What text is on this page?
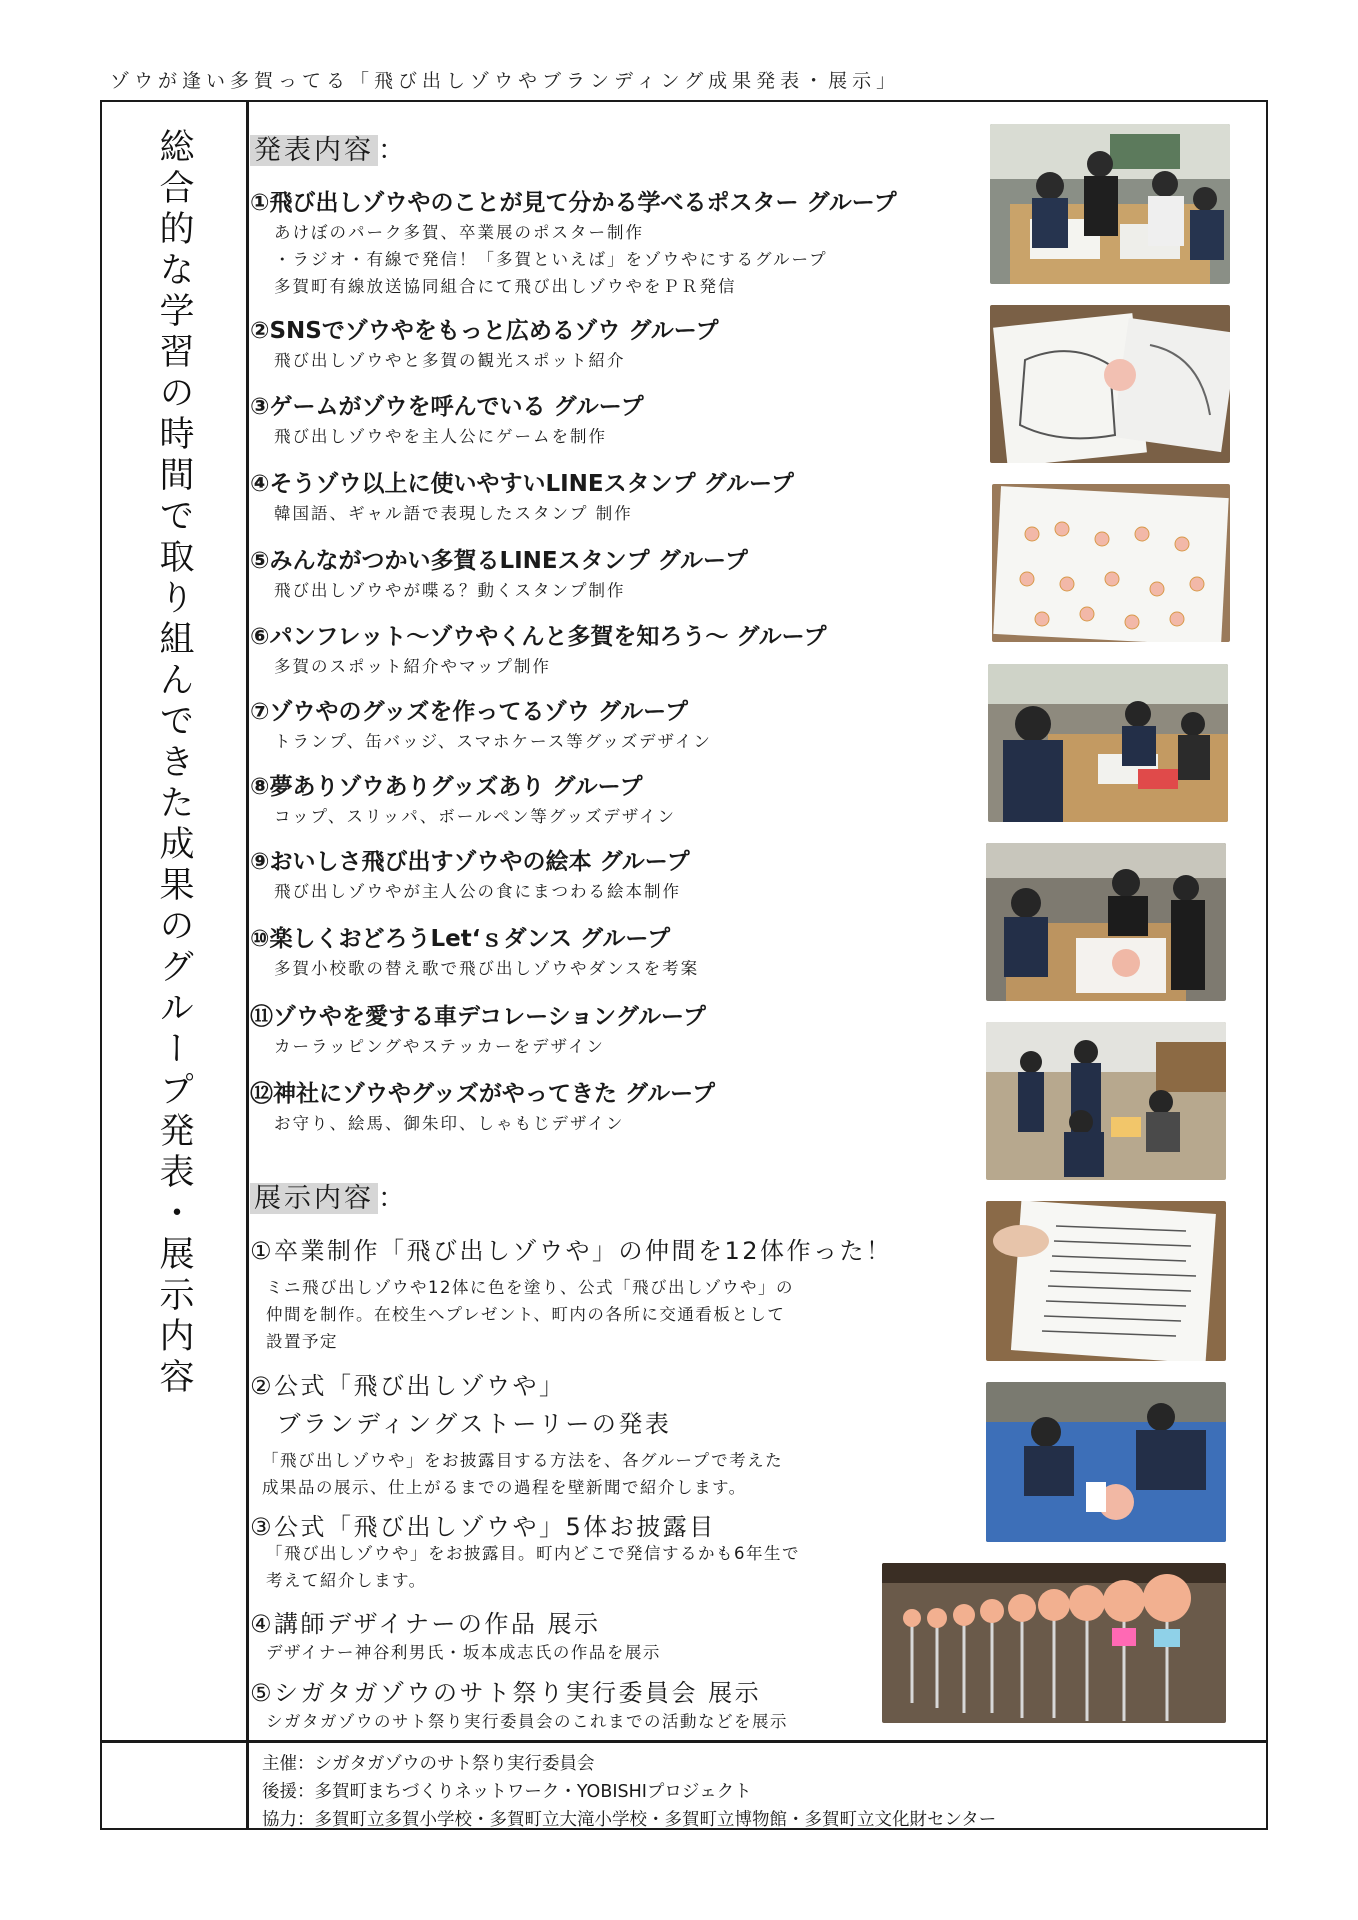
ゾウが逢い多賀ってる「飛び出しゾウやブランディング成果発表・展示」
総合的な学習の時間で取り組んできた成果のグループ発表・展示内容 発表内容 ：
①飛び出しゾウやのことが見て分かる学べるポスター グループ
あけぼのパーク多賀、卒業展のポスター制作
・ラジオ・有線で発信！「多賀といえば」をゾウやにするグループ
多賀町有線放送協同組合にて飛び出しゾウやをＰＲ発信
②SNSでゾウやをもっと広めるゾウ グループ
飛び出しゾウやと多賀の観光スポット紹介
③ゲームがゾウを呼んでいる グループ
飛び出しゾウやを主人公にゲームを制作
④そうゾウ以上に使いやすいLINEスタンプ グループ
韓国語、ギャル語で表現したスタンプ 制作
⑤みんながつかい多賀るLINEスタンプ グループ
飛び出しゾウやが喋る？動くスタンプ制作
⑥パンフレット〜ゾウやくんと多賀を知ろう〜 グループ
多賀のスポット紹介やマップ制作
⑦ゾウやのグッズを作ってるゾウ グループ
トランプ、缶バッジ、スマホケース等グッズデザイン
⑧夢ありゾウありグッズあり グループ
コップ、スリッパ、ボールペン等グッズデザイン
⑨おいしさ飛び出すゾウやの絵本 グループ
飛び出しゾウやが主人公の食にまつわる絵本制作
⑩楽しくおどろうLet‘ｓダンス グループ
多賀小校歌の替え歌で飛び出しゾウやダンスを考案
⑪ゾウやを愛する車デコレーショングループ
カーラッピングやステッカーをデザイン
⑫神社にゾウやグッズがやってきた グループ
お守り、絵馬、御朱印、しゃもじデザイン
展示内容 ：
①卒業制作「飛び出しゾウや」の仲間を12体作った！
ミニ飛び出しゾウや12体に色を塗り、公式「飛び出しゾウや」の
仲間を制作。在校生へプレゼント、町内の各所に交通看板として
設置予定
②公式「飛び出しゾウや」
　ブランディングストーリーの発表
「飛び出しゾウや」をお披露目する方法を、各グループで考えた
成果品の展示、仕上がるまでの過程を壁新聞で紹介します。
③公式「飛び出しゾウや」5体お披露目
「飛び出しゾウや」をお披露目。町内どこで発信するかも6年生で
考えて紹介します。
④講師デザイナーの作品 展示
デザイナー神谷利男氏・坂本成志氏の作品を展示
⑤シガタガゾウのサト祭り実行委員会 展示
シガタガゾウのサト祭り実行委員会のこれまでの活動などを展示
主催：シガタガゾウのサト祭り実行委員会
後援：多賀町まちづくりネットワーク・YOBISHIプロジェクト
協力：多賀町立多賀小学校・多賀町立大滝小学校・多賀町立博物館・多賀町立文化財センター
